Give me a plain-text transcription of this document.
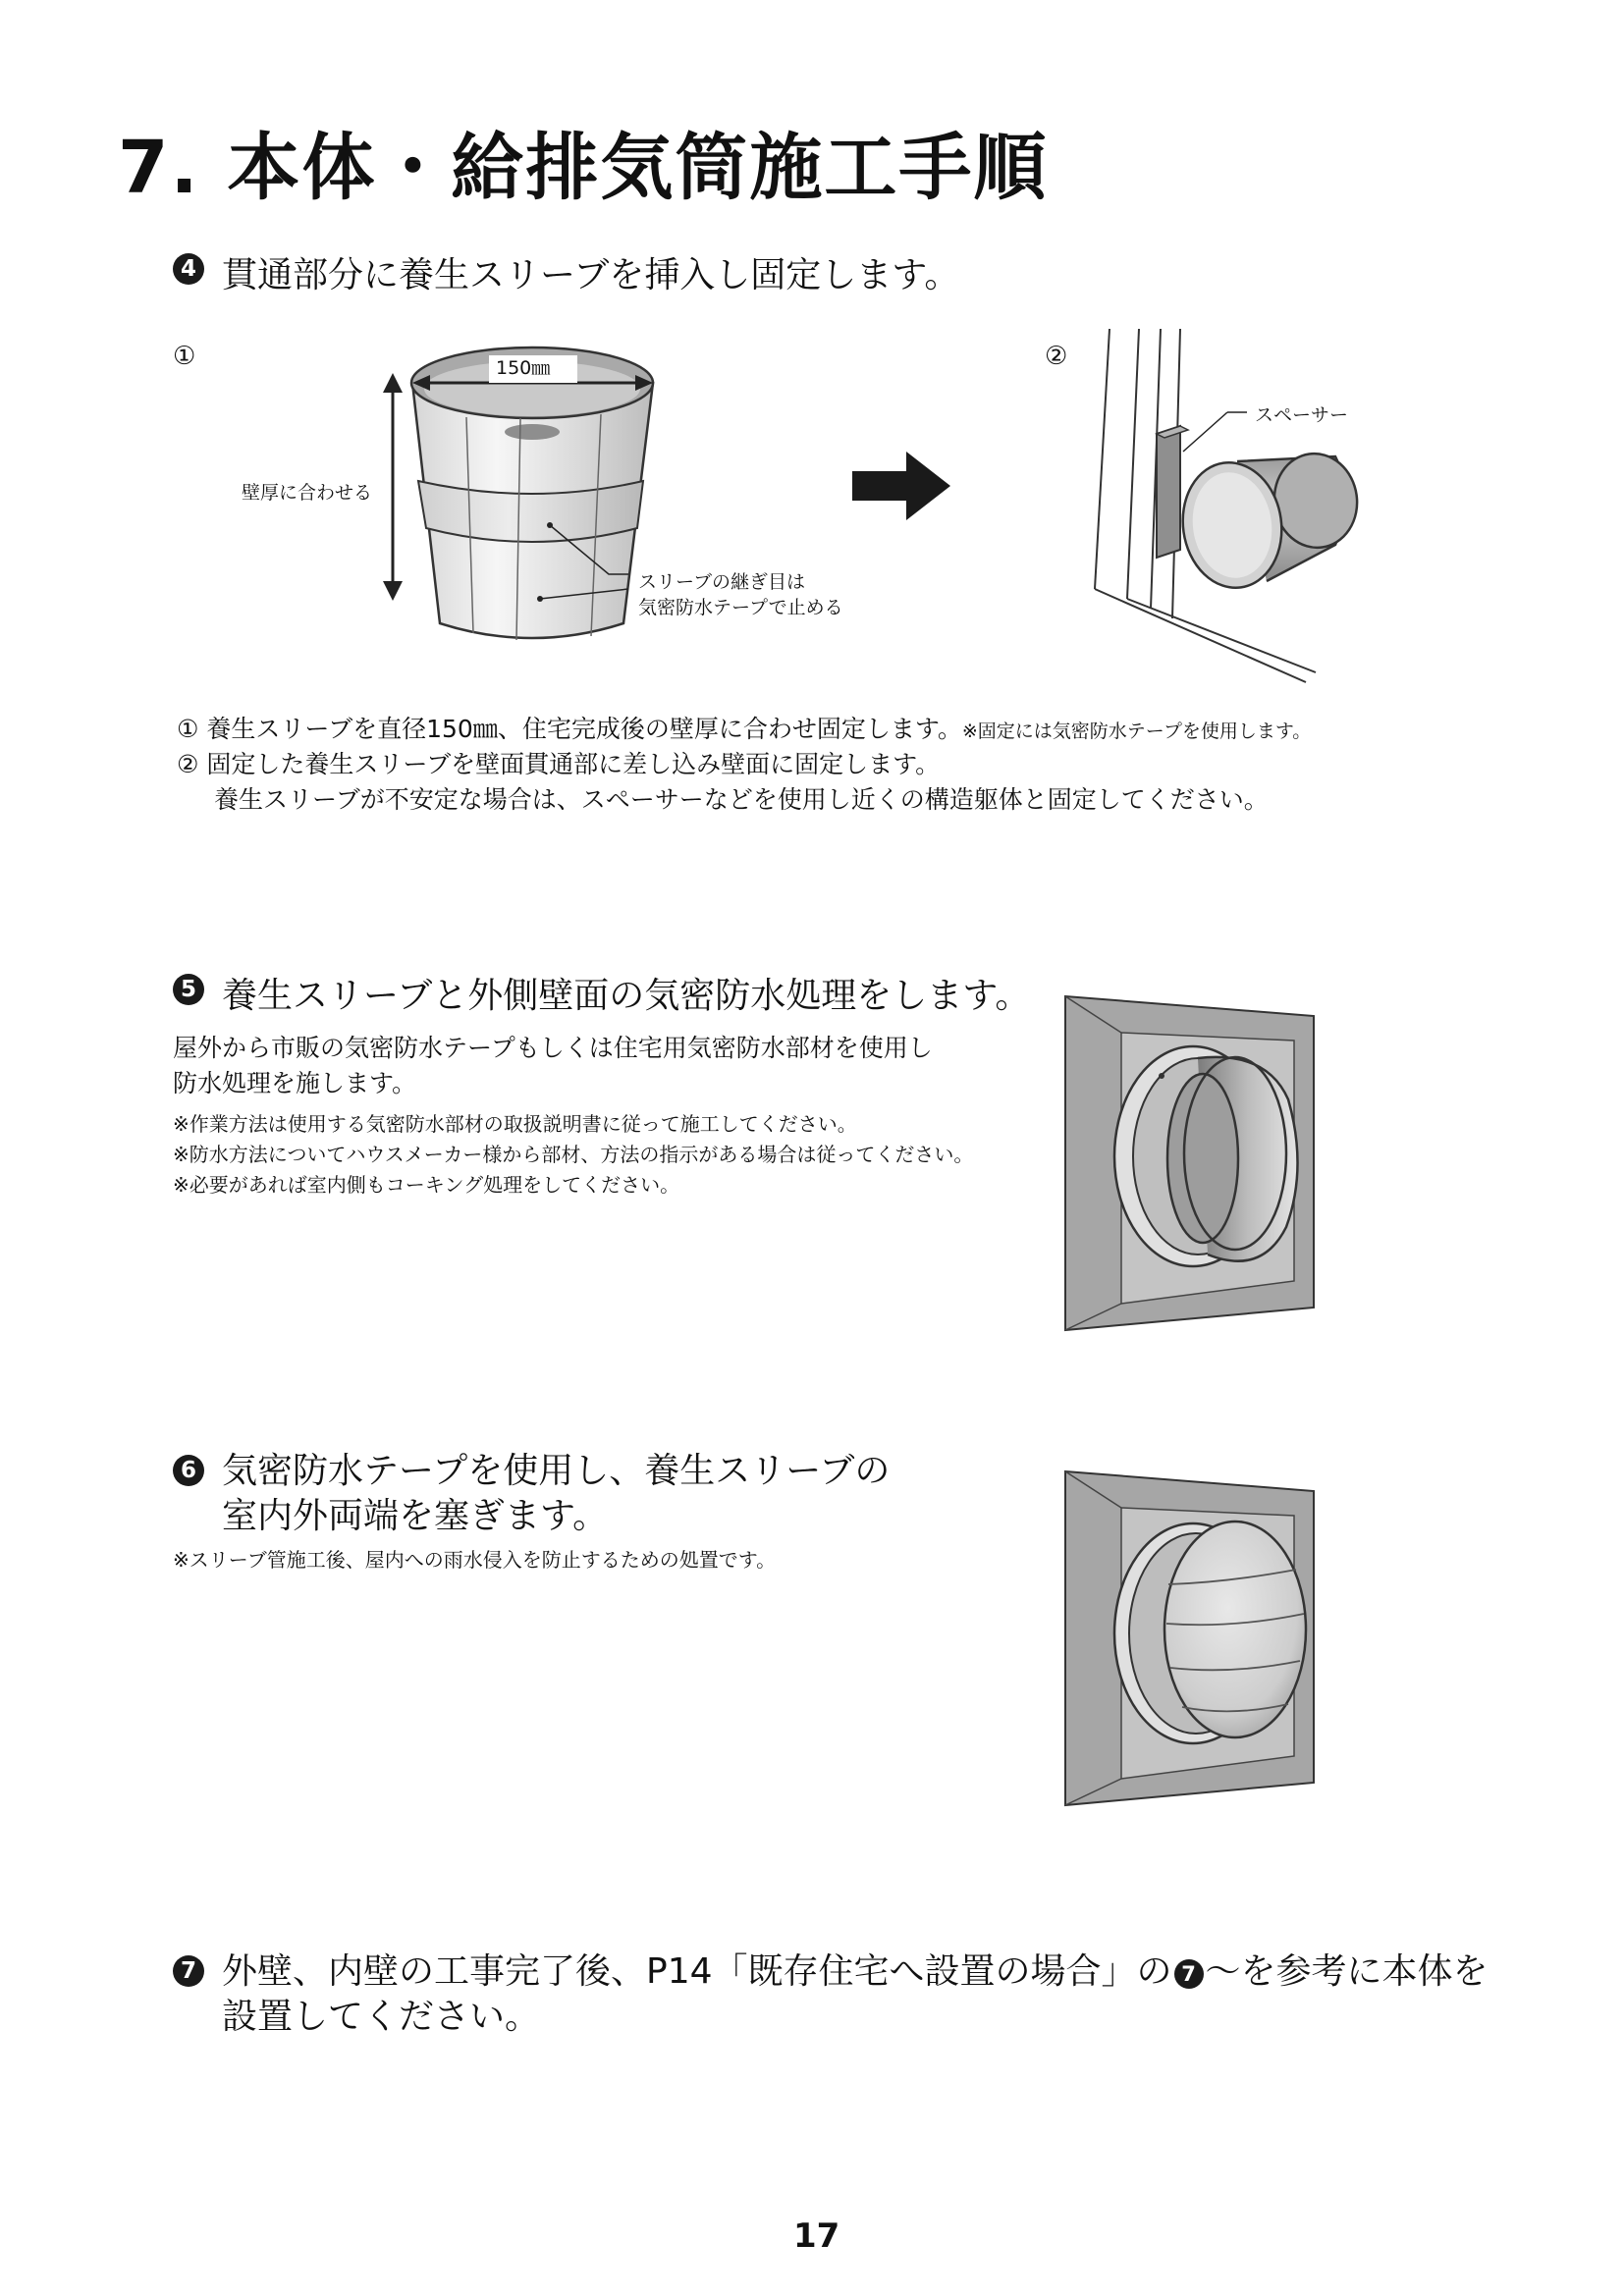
7. 本体・給排気筒施工手順
4 貫通部分に養生スリーブを挿入し固定します。
①	②
150㎜
壁厚に合わせる
スリーブの継ぎ目は
気密防水テープで止める
スペーサー
① 養生スリーブを直径150㎜、住宅完成後の壁厚に合わせ固定します。※固定には気密防水テープを使用します。
② 固定した養生スリーブを壁面貫通部に差し込み壁面に固定します。
養生スリーブが不安定な場合は、スペーサーなどを使用し近くの構造躯体と固定してください。
5 養生スリーブと外側壁面の気密防水処理をします。
屋外から市販の気密防水テープもしくは住宅用気密防水部材を使用し
防水処理を施します。
※作業方法は使用する気密防水部材の取扱説明書に従って施工してください。
※防水方法についてハウスメーカー様から部材、方法の指示がある場合は従ってください。
※必要があれば室内側もコーキング処理をしてください。
6 気密防水テープを使用し、養生スリーブの
室内外両端を塞ぎます。
※スリーブ管施工後、屋内への雨水侵入を防止するための処置です。
7 外壁、内壁の工事完了後、P14「既存住宅へ設置の場合」の 7 ～を参考に本体を
設置してください。
17
